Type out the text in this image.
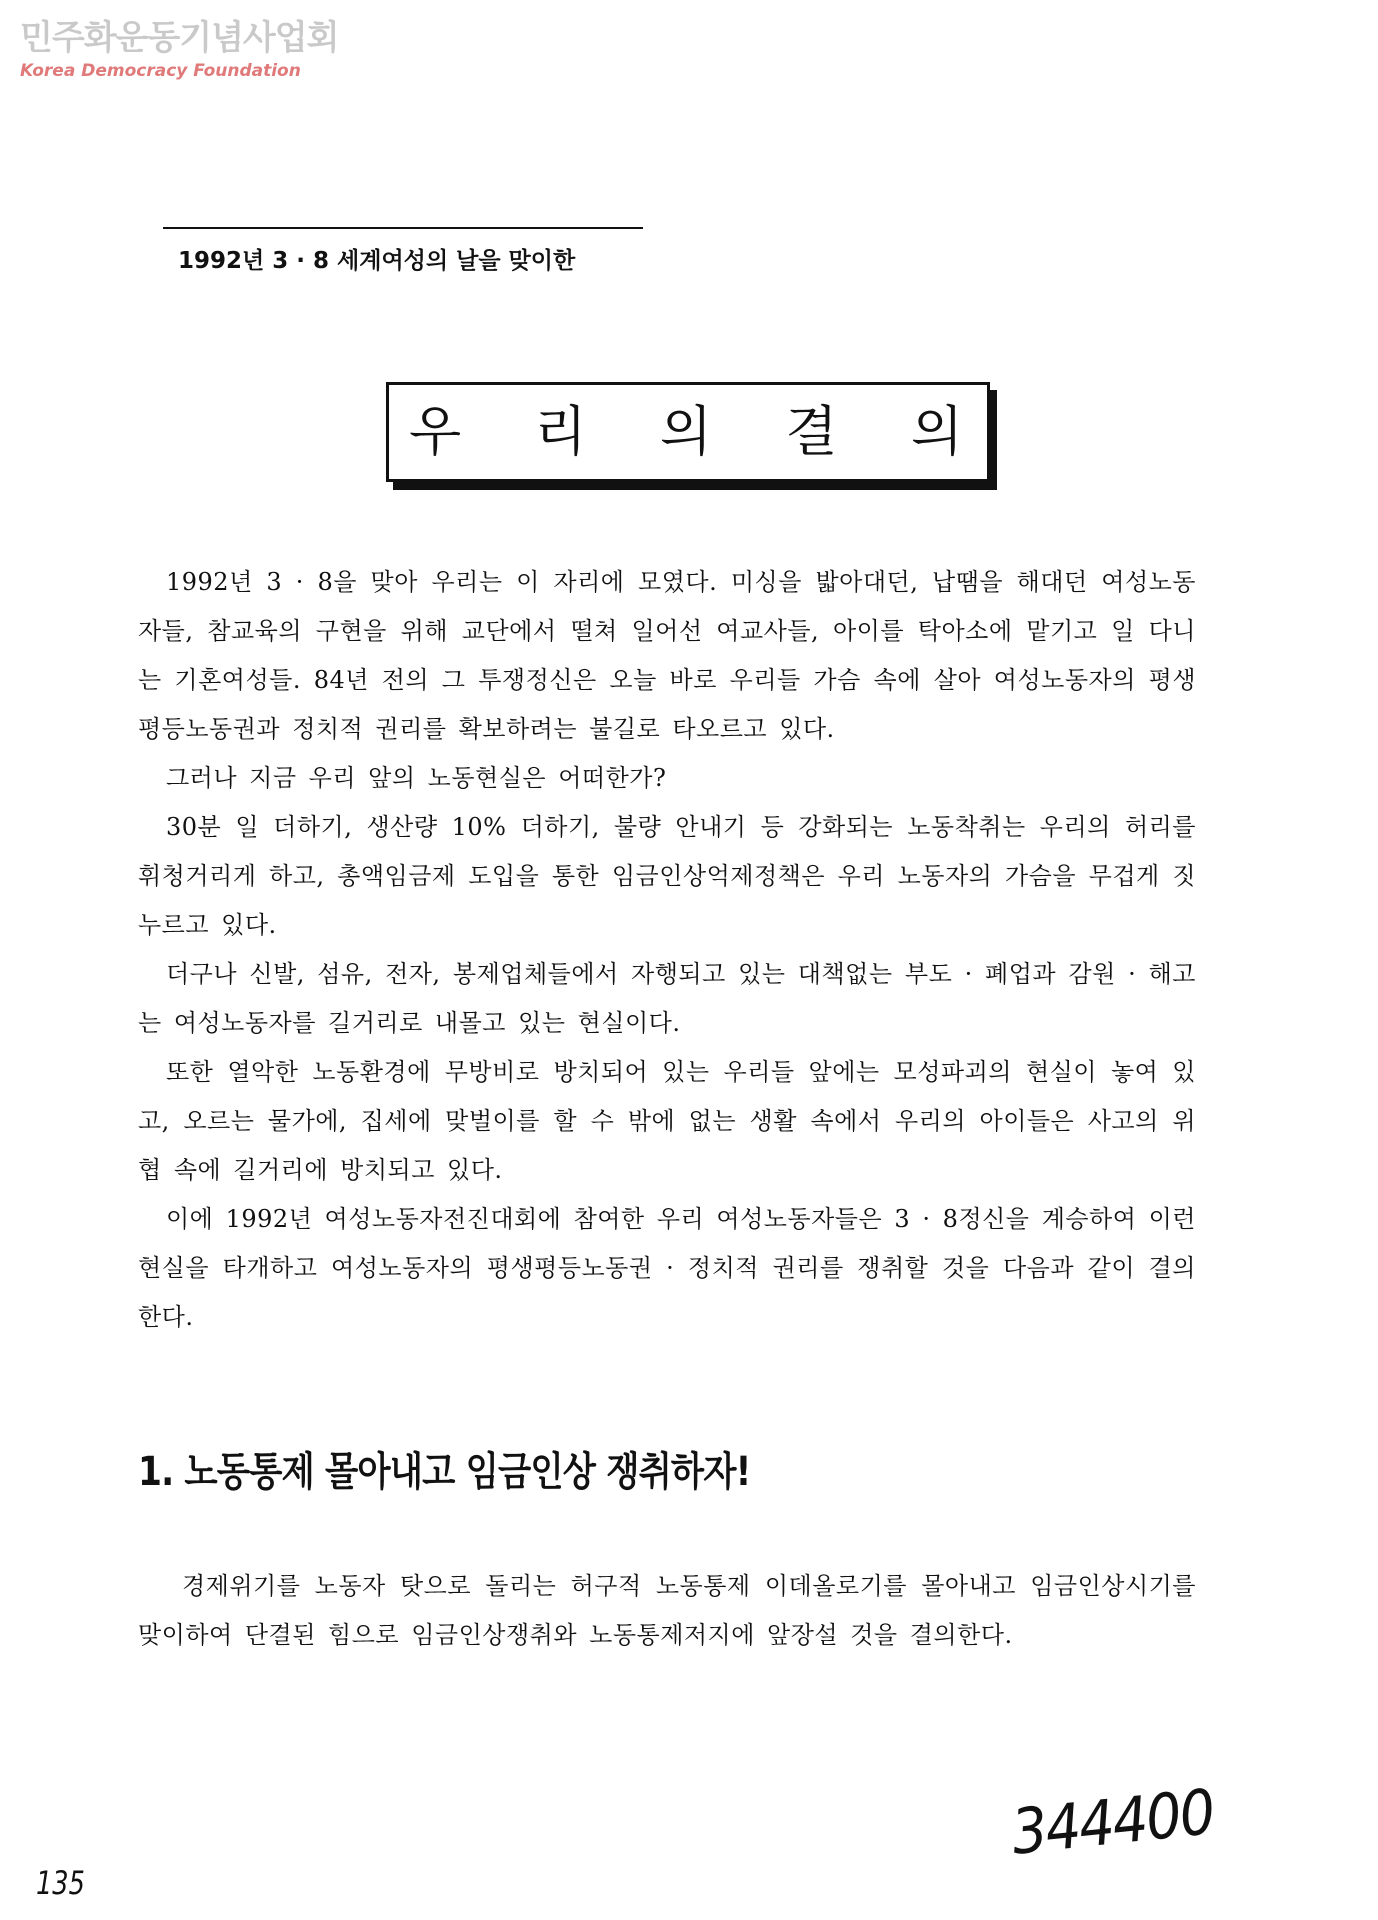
민주화운동기념사업회
Korea Democracy Foundation
1992년 3 · 8 세계여성의 날을 맞이한
우 리 의 결 의

1992년 3 · 8을 맞아 우리는 이 자리에 모였다. 미싱을 밟아대던, 납땜을 해대던 여성노동자들, 참교육의 구현을 위해 교단에서 떨쳐 일어선 여교사들, 아이를 탁아소에 맡기고 일 다니는 기혼여성들. 84년 전의 그 투쟁정신은 오늘 바로 우리들 가슴 속에 살아 여성노동자의 평생평등노동권과 정치적 권리를 확보하려는 불길로 타오르고 있다.

그러나 지금 우리 앞의 노동현실은 어떠한가?

30분 일 더하기, 생산량 10% 더하기, 불량 안내기 등 강화되는 노동착취는 우리의 허리를 휘청거리게 하고, 총액임금제 도입을 통한 임금인상억제정책은 우리 노동자의 가슴을 무겁게 짓누르고 있다.

더구나 신발, 섬유, 전자, 봉제업체들에서 자행되고 있는 대책없는 부도 · 폐업과 감원 · 해고는 여성노동자를 길거리로 내몰고 있는 현실이다.

또한 열악한 노동환경에 무방비로 방치되어 있는 우리들 앞에는 모성파괴의 현실이 놓여 있고, 오르는 물가에, 집세에 맞벌이를 할 수 밖에 없는 생활 속에서 우리의 아이들은 사고의 위협 속에 길거리에 방치되고 있다.

이에 1992년 여성노동자전진대회에 참여한 우리 여성노동자들은 3 · 8정신을 계승하여 이런 현실을 타개하고 여성노동자의 평생평등노동권 · 정치적 권리를 쟁취할 것을 다음과 같이 결의한다.

1. 노동통제 몰아내고 임금인상 쟁취하자!

경제위기를 노동자 탓으로 돌리는 허구적 노동통제 이데올로기를 몰아내고 임금인상시기를 맞이하여 단결된 힘으로 임금인상쟁취와 노동통제저지에 앞장설 것을 결의한다.

135
344400
